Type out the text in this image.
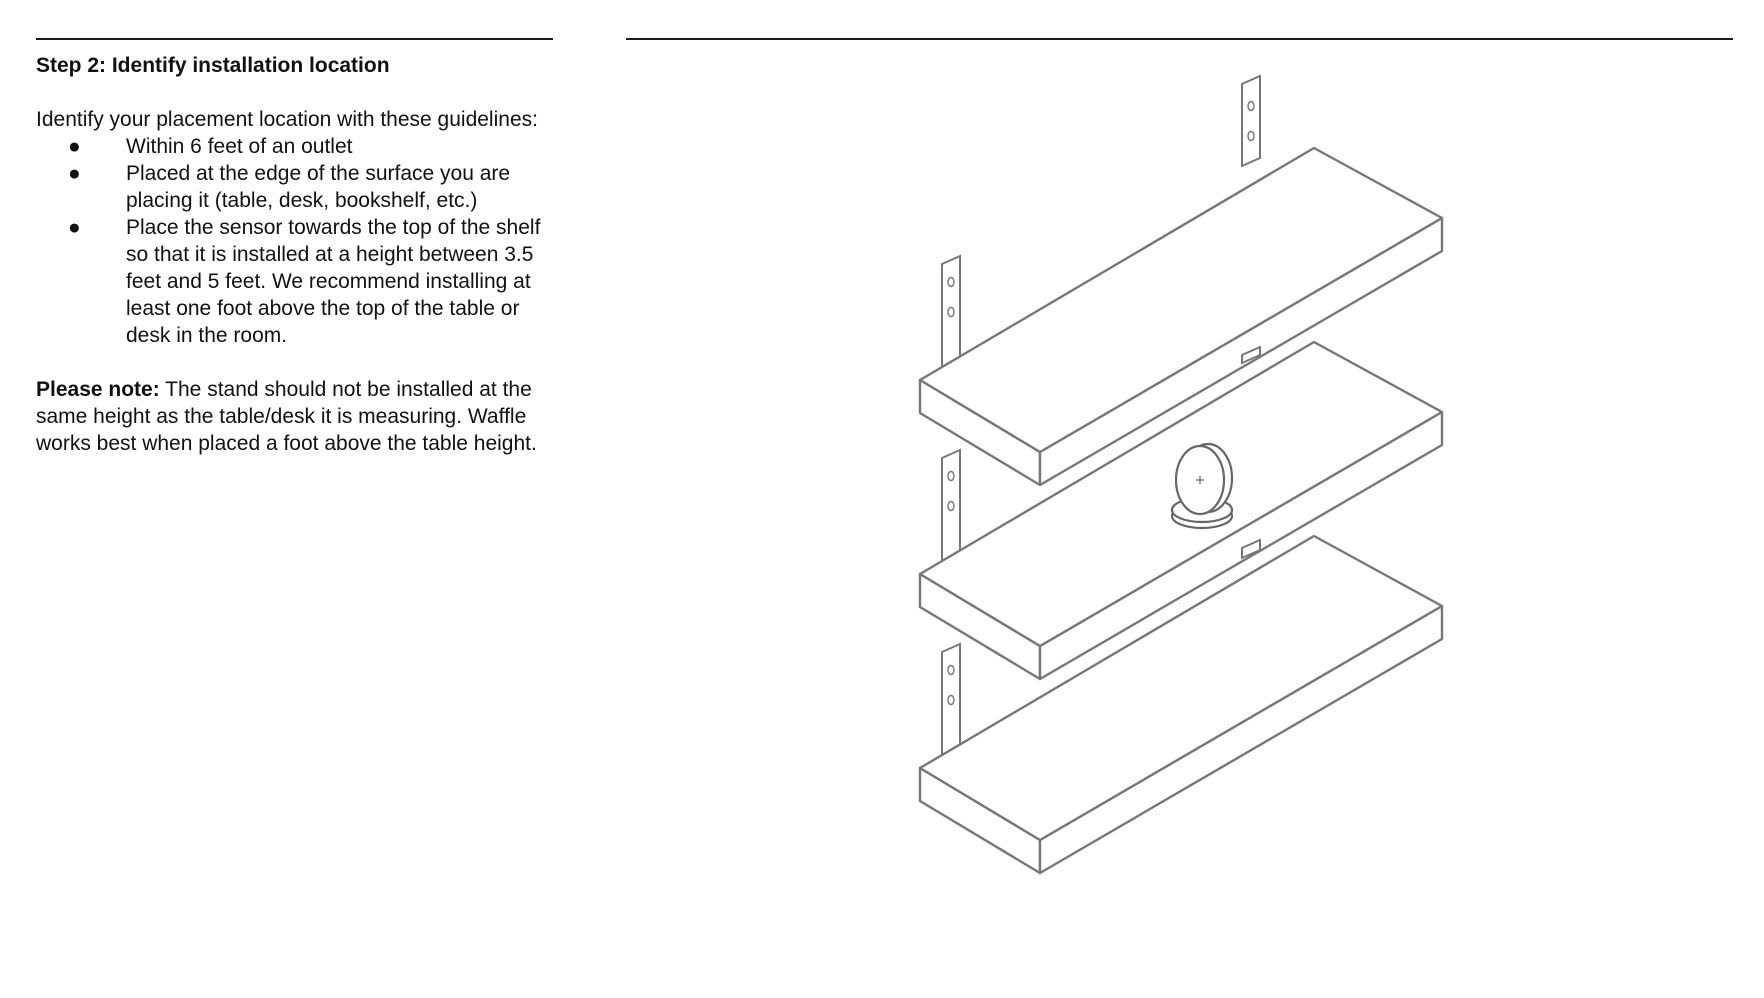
Step 2: Identify installation location

Identify your placement location with these guidelines:

● Within 6 feet of an outlet
● Placed at the edge of the surface you are placing it (table, desk, bookshelf, etc.)
● Place the sensor towards the top of the shelf so that it is installed at a height between 3.5 feet and 5 feet. We recommend installing at least one foot above the top of the table or desk in the room.

Please note: The stand should not be installed at the same height as the table/desk it is measuring. Waffle works best when placed a foot above the table height.
